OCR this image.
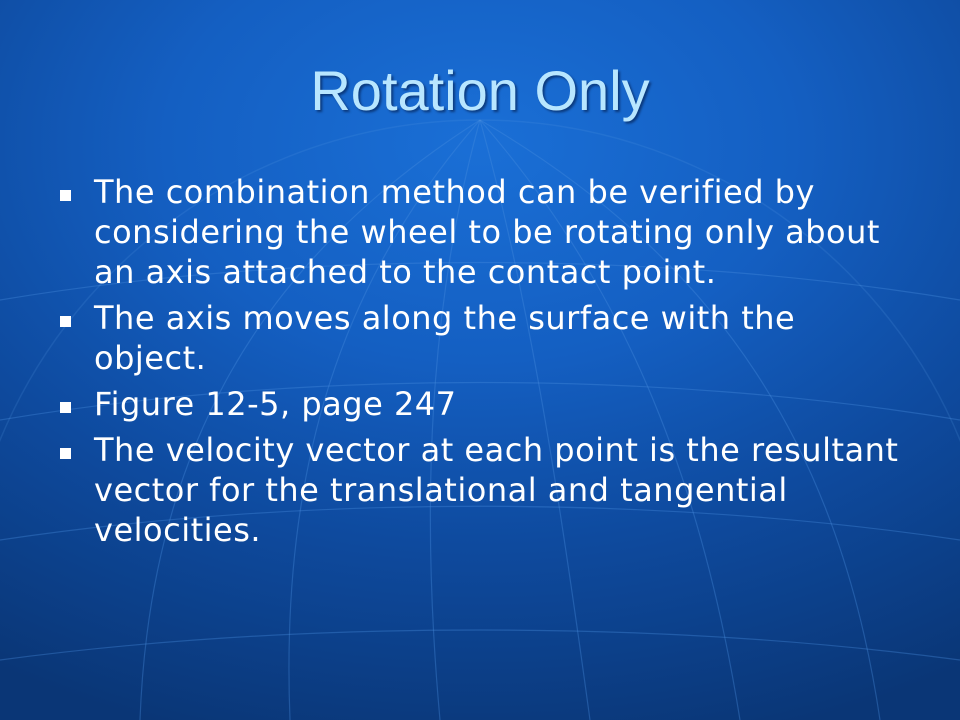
Rotation Only
The combination method can be verified by considering the wheel to be rotating only about an axis attached to the contact point.
The axis moves along the surface with the object.
Figure 12-5, page 247
The velocity vector at each point is the resultant vector for the translational and tangential velocities.
